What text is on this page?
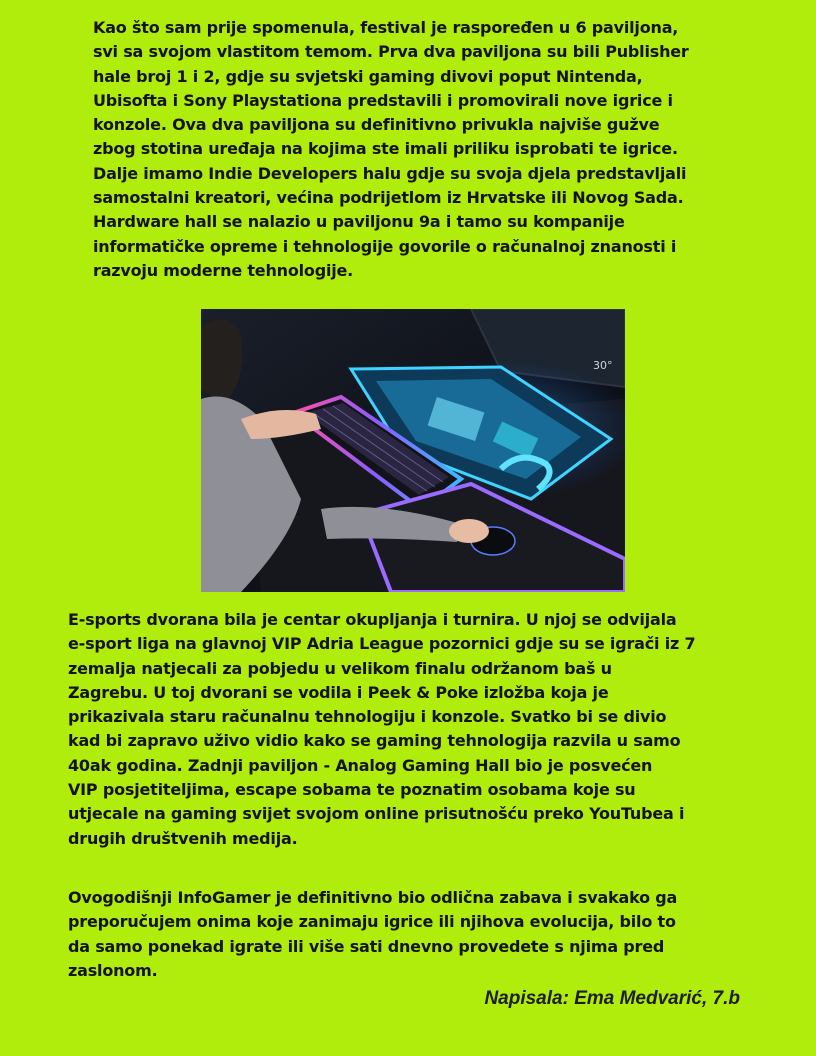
Kao što sam prije spomenula, festival je raspoređen u 6 paviljona,
svi sa svojom vlastitom temom. Prva dva paviljona su bili Publisher
hale broj 1 i 2, gdje su svjetski gaming divovi poput Nintenda,
Ubisofta i Sony Playstationa predstavili i promovirali nove igrice i
konzole. Ova dva paviljona su definitivno privukla najviše gužve
zbog stotina uređaja na kojima ste imali priliku isprobati te igrice.
Dalje imamo Indie Developers halu gdje su svoja djela predstavljali
samostalni kreatori, većina podrijetlom iz Hrvatske ili Novog Sada.
Hardware hall se nalazio u paviljonu 9a i tamo su kompanije
informatičke opreme i tehnologije govorile o računalnoj znanosti i
razvoju moderne tehnologije.
30°
E-sports dvorana bila je centar okupljanja i turnira. U njoj se odvijala
e-sport liga na glavnoj VIP Adria League pozornici gdje su se igrači iz 7
zemalja natjecali za pobjedu u velikom finalu održanom baš u
Zagrebu. U toj dvorani se vodila i Peek & Poke izložba koja je
prikazivala staru računalnu tehnologiju i konzole. Svatko bi se divio
kad bi zapravo uživo vidio kako se gaming tehnologija razvila u samo
40ak godina. Zadnji paviljon - Analog Gaming Hall bio je posvećen
VIP posjetiteljima, escape sobama te poznatim osobama koje su
utjecale na gaming svijet svojom online prisutnošću preko YouTubea i
drugih društvenih medija.
Ovogodišnji InfoGamer je definitivno bio odlična zabava i svakako ga
preporučujem onima koje zanimaju igrice ili njihova evolucija, bilo to
da samo ponekad igrate ili više sati dnevno provedete s njima pred
zaslonom.
Napisala: Ema Medvarić, 7.b
